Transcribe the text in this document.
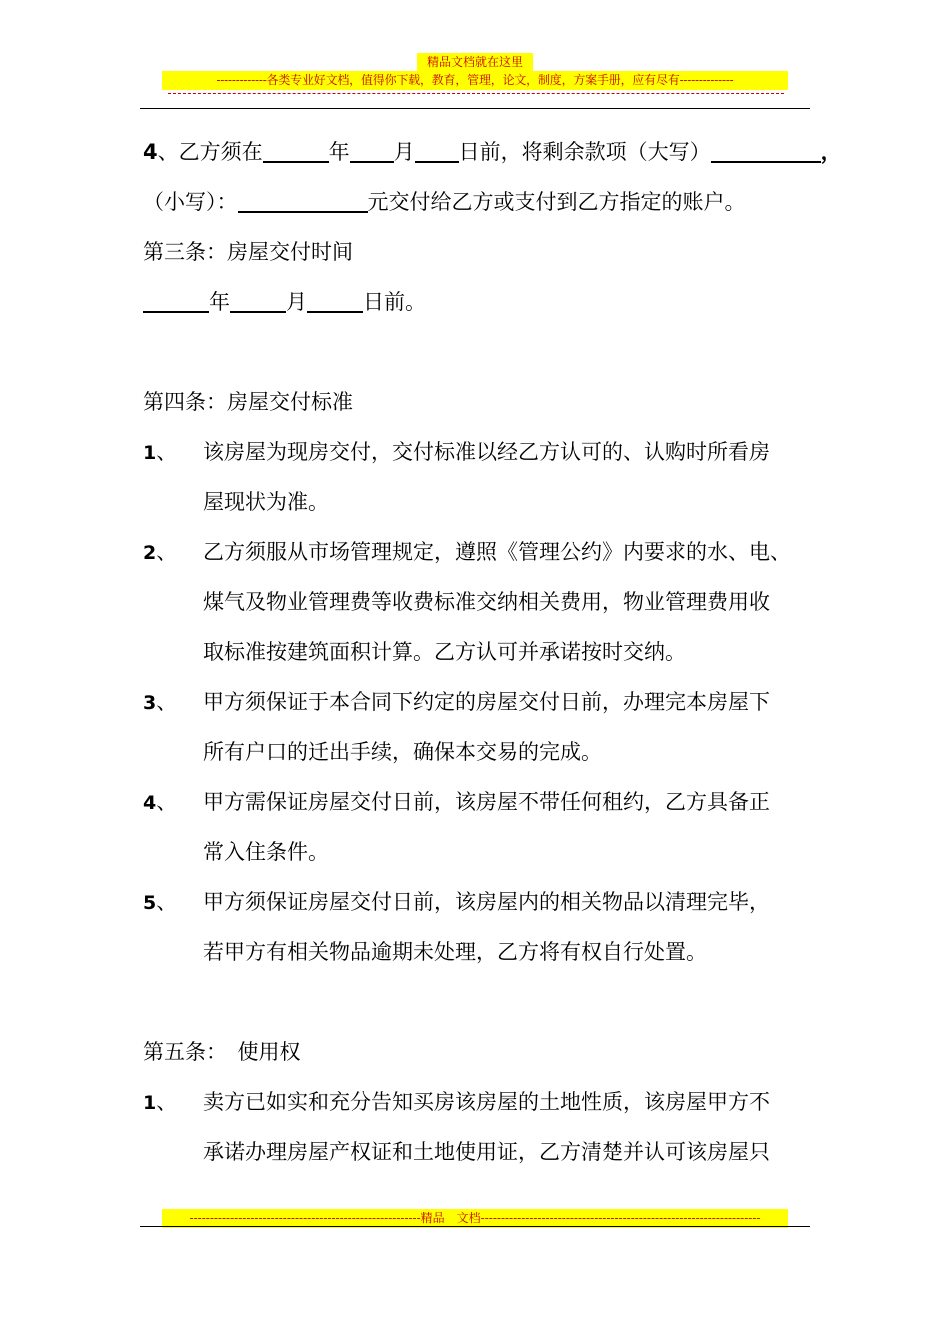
精品文档就在这里
-------------各类专业好文档，值得你下载，教育，管理，论文，制度，方案手册，应有尽有--------------
4、乙方须在	年 月 日前，将剩余款项（大写）	，
（小写）：	元交付给乙方或支付到乙方指定的账户。
第三条：房屋交付时间
年	月	日前。
第四条：房屋交付标准
1、 该房屋为现房交付，交付标准以经乙方认可的、认购时所看房
屋现状为准。
2、 乙方须服从市场管理规定，遵照《管理公约》内要求的水、电、
煤气及物业管理费等收费标准交纳相关费用，物业管理费用收
取标准按建筑面积计算。乙方认可并承诺按时交纳。
3、 甲方须保证于本合同下约定的房屋交付日前，办理完本房屋下
所有户口的迁出手续，确保本交易的完成。
4、 甲方需保证房屋交付日前，该房屋不带任何租约，乙方具备正
常入住条件。
5、 甲方须保证房屋交付日前，该房屋内的相关物品以清理完毕，
若甲方有相关物品逾期未处理，乙方将有权自行处置。
第五条：　使用权
1、 卖方已如实和充分告知买房该房屋的土地性质，该房屋甲方不
承诺办理房屋产权证和土地使用证，乙方清楚并认可该房屋只
---------------------------------------------------------精品　文档---------------------------------------------------------------------
